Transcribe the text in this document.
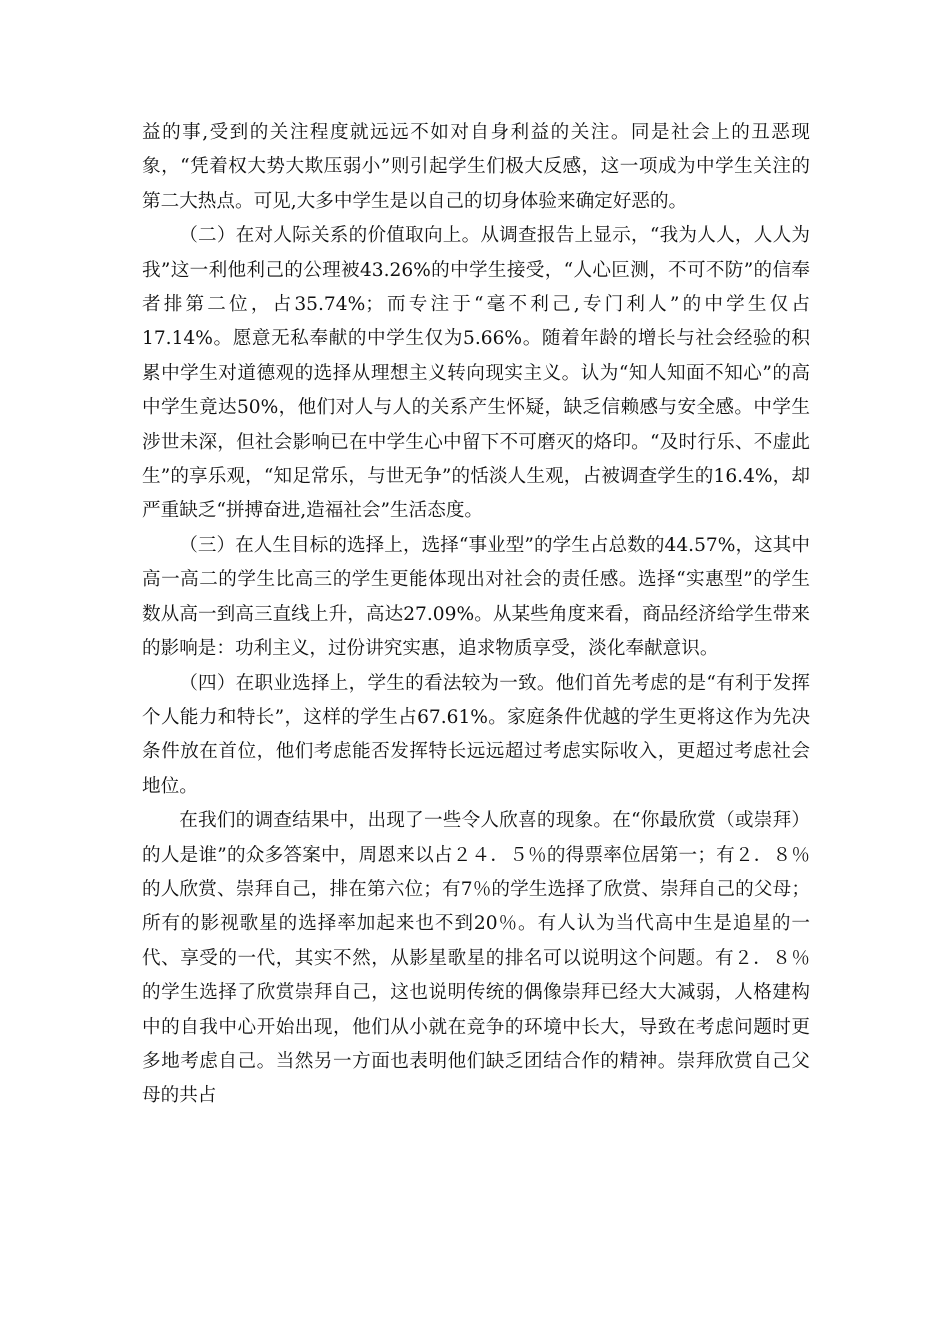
益的事,受到的关注程度就远远不如对自身利益的关注。同是社会上的丑恶现象，“凭着权大势大欺压弱小”则引起学生们极大反感，这一项成为中学生关注的第二大热点。可见,大多中学生是以自己的切身体验来确定好恶的。

（二）在对人际关系的价值取向上。从调查报告上显示，“我为人人，人人为我”这一利他利己的公理被43.26%的中学生接受，“人心叵测，不可不防”的信奉者排第二位，占35.74%；而专注于“毫不利己,专门利人”的中学生仅占17.14%。愿意无私奉献的中学生仅为5.66%。随着年龄的增长与社会经验的积累中学生对道德观的选择从理想主义转向现实主义。认为“知人知面不知心”的高中学生竟达50%，他们对人与人的关系产生怀疑，缺乏信赖感与安全感。中学生涉世未深，但社会影响已在中学生心中留下不可磨灭的烙印。“及时行乐、不虚此生”的享乐观，“知足常乐，与世无争”的恬淡人生观，占被调查学生的16.4%，却严重缺乏“拼搏奋进,造福社会”生活态度。

（三）在人生目标的选择上，选择“事业型”的学生占总数的44.57%，这其中高一高二的学生比高三的学生更能体现出对社会的责任感。选择“实惠型”的学生数从高一到高三直线上升，高达27.09%。从某些角度来看，商品经济给学生带来的影响是：功利主义，过份讲究实惠，追求物质享受，淡化奉献意识。

（四）在职业选择上，学生的看法较为一致。他们首先考虑的是“有利于发挥个人能力和特长”，这样的学生占67.61%。家庭条件优越的学生更将这作为先决条件放在首位，他们考虑能否发挥特长远远超过考虑实际收入，更超过考虑社会地位。

在我们的调查结果中，出现了一些令人欣喜的现象。在“你最欣赏（或崇拜）的人是谁”的众多答案中，周恩来以占２４．５％的得票率位居第一；有２．８％的人欣赏、崇拜自己，排在第六位；有7％的学生选择了欣赏、崇拜自己的父母；所有的影视歌星的选择率加起来也不到20％。有人认为当代高中生是追星的一代、享受的一代，其实不然，从影星歌星的排名可以说明这个问题。有２．８％的学生选择了欣赏崇拜自己，这也说明传统的偶像崇拜已经大大减弱，人格建构中的自我中心开始出现，他们从小就在竞争的环境中长大，导致在考虑问题时更多地考虑自己。当然另一方面也表明他们缺乏团结合作的精神。崇拜欣赏自己父母的共占
